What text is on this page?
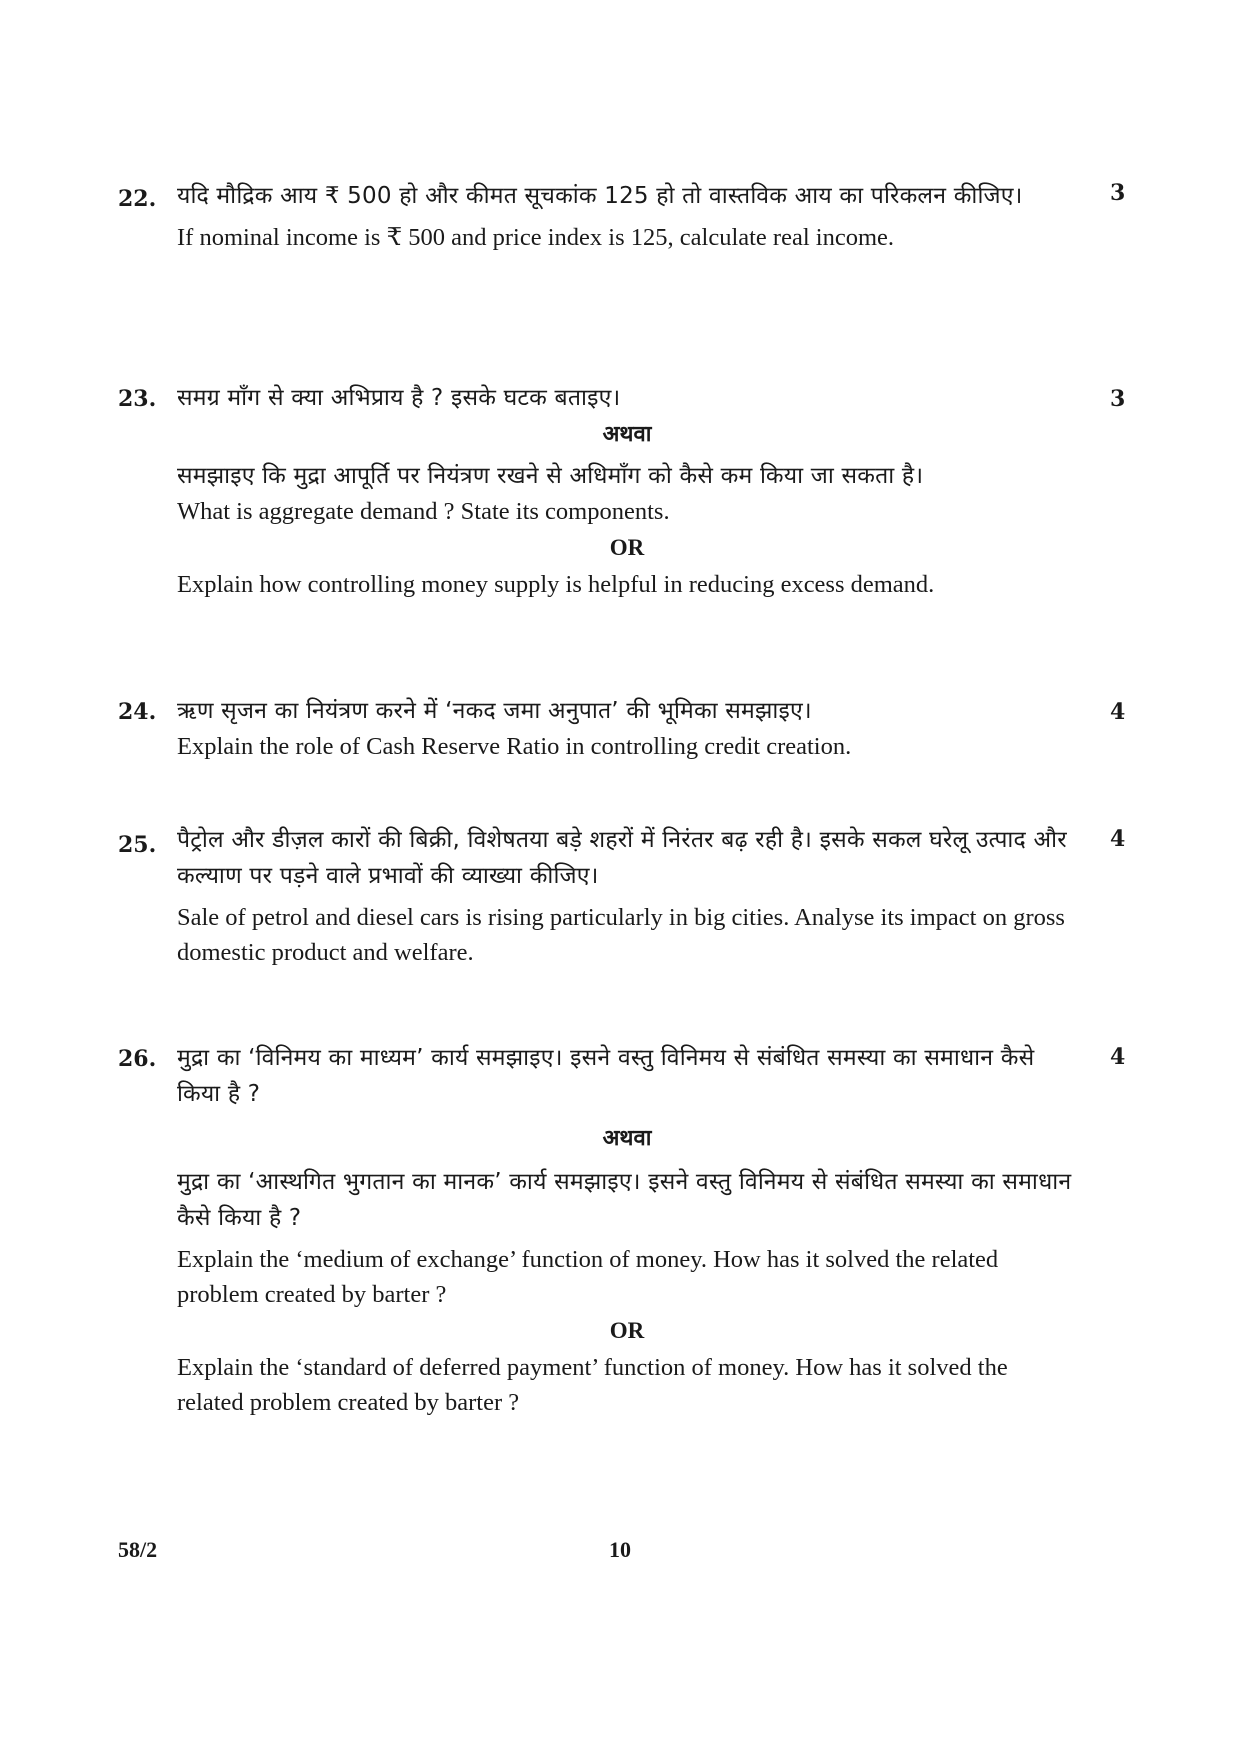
22.	3

यदि मौद्रिक आय ₹ 500 हो और कीमत सूचकांक 125 हो तो वास्तविक आय का परिकलन कीजिए।

If nominal income is ₹ 500 and price index is 125, calculate real income.

23.	3

समग्र माँग से क्या अभिप्राय है ? इसके घटक बताइए।

अथवा

समझाइए कि मुद्रा आपूर्ति पर नियंत्रण रखने से अधिमाँग को कैसे कम किया जा सकता है।

What is aggregate demand ? State its components.

OR

Explain how controlling money supply is helpful in reducing excess demand.

24.	4

ऋण सृजन का नियंत्रण करने में ‘नकद जमा अनुपात’ की भूमिका समझाइए।

Explain the role of Cash Reserve Ratio in controlling credit creation.

25.	4

पैट्रोल और डीज़ल कारों की बिक्री, विशेषतया बड़े शहरों में निरंतर बढ़ रही है। इसके सकल घरेलू उत्पाद और कल्याण पर पड़ने वाले प्रभावों की व्याख्या कीजिए।

Sale of petrol and diesel cars is rising particularly in big cities. Analyse its impact on gross domestic product and welfare.

26.	4

मुद्रा का ‘विनिमय का माध्यम’ कार्य समझाइए। इसने वस्तु विनिमय से संबंधित समस्या का समाधान कैसे किया है ?

अथवा

मुद्रा का ‘आस्थगित भुगतान का मानक’ कार्य समझाइए। इसने वस्तु विनिमय से संबंधित समस्या का समाधान कैसे किया है ?

Explain the ‘medium of exchange’ function of money. How has it solved the related problem created by barter ?

OR

Explain the ‘standard of deferred payment’ function of money. How has it solved the related problem created by barter ?

58/2	10
